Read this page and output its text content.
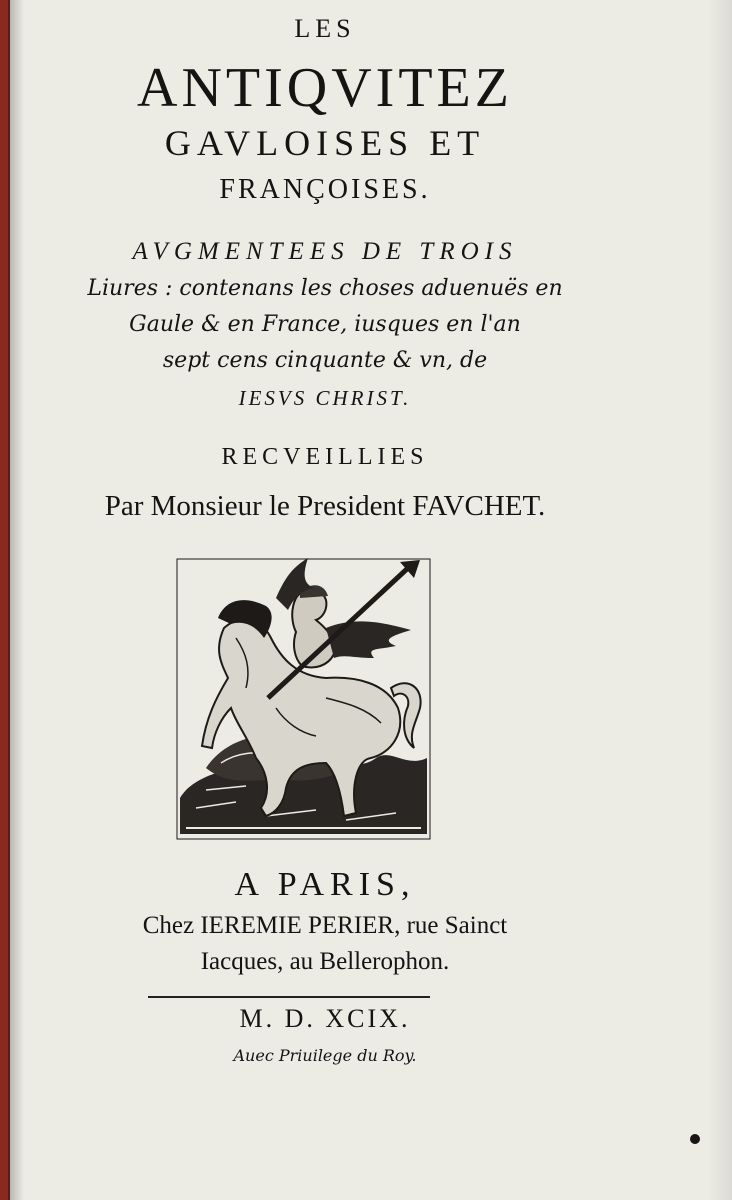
LES
ANTIQVITEZ
GAVLOISES ET
FRANÇOISES.
AVGMENTEES DE TROIS
Liures : contenans les choses aduenuës en
Gaule & en France, iusques en l'an
sept cens cinquante & vn, de
IESVS CHRIST.
RECVEILLIES
Par Monsieur le President FAVCHET.
A PARIS,
Chez IEREMIE PERIER, rue Sainct
Iacques, au Bellerophon.
M. D. XCIX.
Auec Priuilege du Roy.
